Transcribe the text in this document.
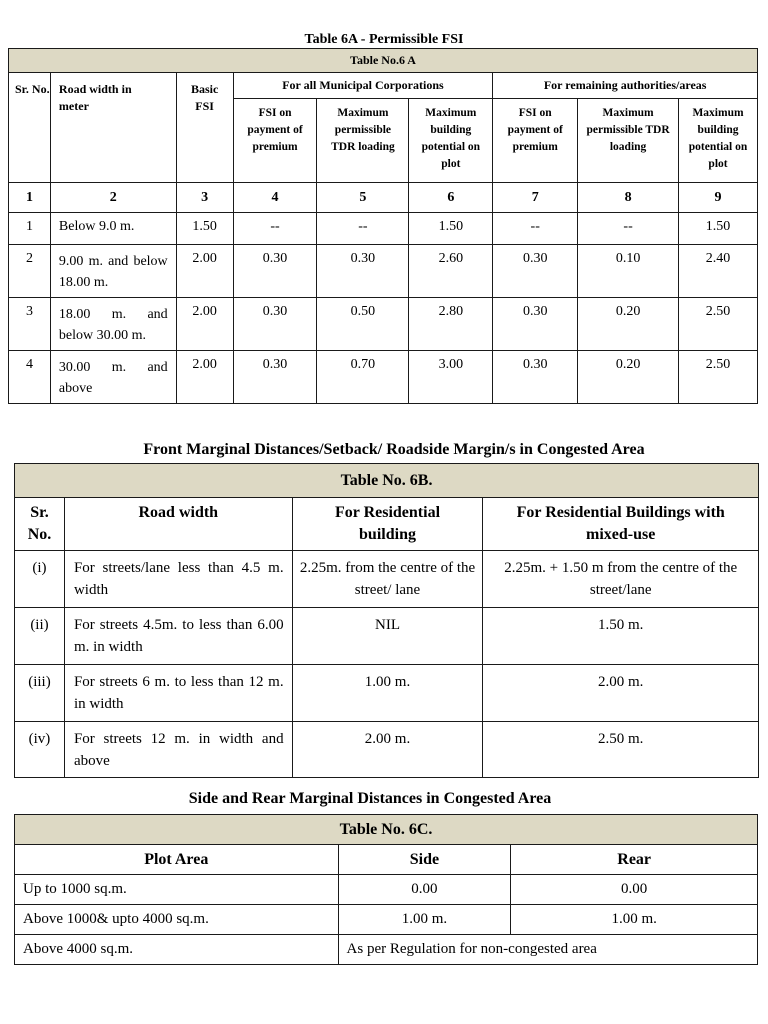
Table 6A - Permissible FSI
Table No.6 A								
Sr. No.	Road width in meter	Basic FSI	For all Municipal Corporations			For remaining authorities/areas		
			FSI on payment of premium	Maximum permissible TDR loading	Maximum building potential on plot	FSI on payment of premium	Maximum permissible TDR loading	Maximum building potential on plot
1	2	3	4	5	6	7	8	9
1	Below 9.0 m.	1.50	--	--	1.50	--	--	1.50
2	9.00 m. and below 18.00 m.	2.00	0.30	0.30	2.60	0.30	0.10	2.40
3	18.00 m. and below 30.00 m.	2.00	0.30	0.50	2.80	0.30	0.20	2.50
4	30.00 m. and above	2.00	0.30	0.70	3.00	0.30	0.20	2.50
Front Marginal Distances/Setback/ Roadside Margin/s in Congested Area
Table No. 6B.			
Sr. No.	Road width	For Residential building	For Residential Buildings with mixed-use
(i)	For streets/lane less than 4.5 m. width	2.25m. from the centre of the street/ lane	2.25m. + 1.50 m from the centre of the street/lane
(ii)	For streets 4.5m. to less than 6.00 m. in width	NIL	1.50 m.
(iii)	For streets 6 m. to less than 12 m. in width	1.00 m.	2.00 m.
(iv)	For streets 12 m. in width and above	2.00 m.	2.50 m.
Side and Rear Marginal Distances in Congested Area
Table No. 6C.		
Plot Area	Side	Rear
Up to 1000 sq.m.	0.00	0.00
Above 1000& upto 4000 sq.m.	1.00 m.	1.00 m.
Above 4000 sq.m.	As per Regulation for non-congested area	
